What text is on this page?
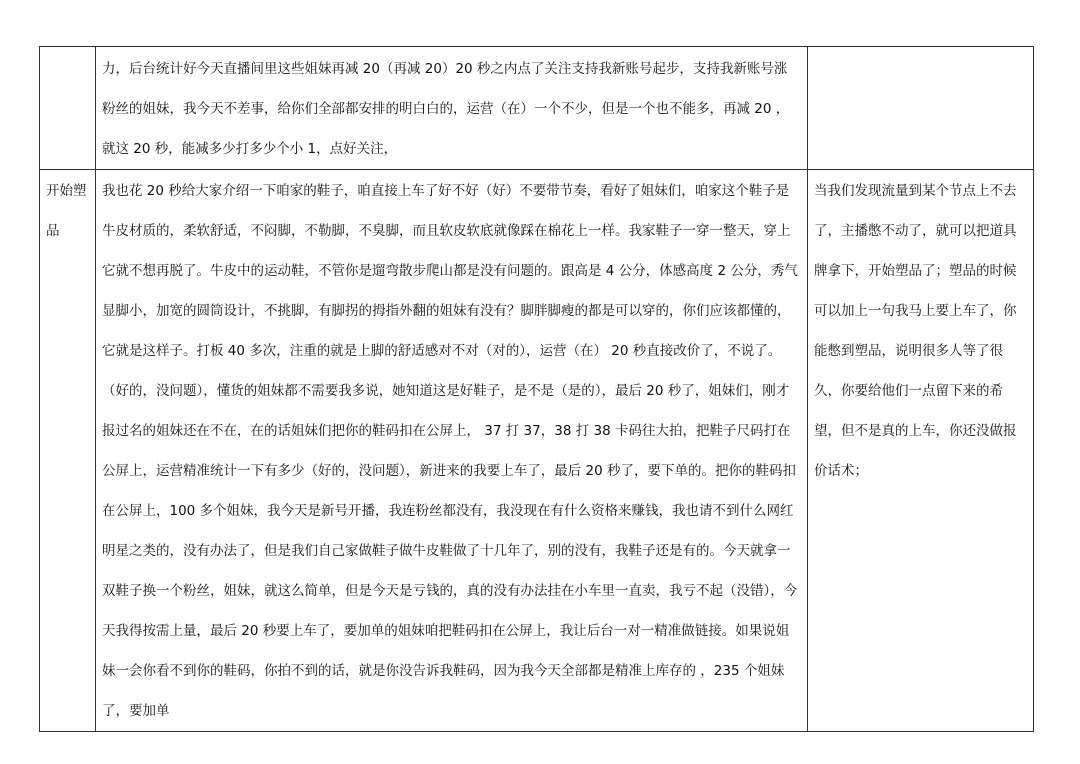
	力，后台统计好今天直播间里这些姐妹再减 20（再减 20）20 秒之内点了关注支持我新账号起步，支持我新账号涨粉丝的姐妹，我今天不差事，给你们全部都安排的明白白的，运营（在）一个不少，但是一个也不能多，再减 20 ，就这 20 秒，能减多少打多少个小 1，点好关注，	

开始塑品	我也花 20 秒给大家介绍一下咱家的鞋子，咱直接上车了好不好（好）不要带节奏，看好了姐妹们，咱家这个鞋子是牛皮材质的，柔软舒适，不闷脚，不勒脚，不臭脚，而且软皮软底就像踩在棉花上一样。我家鞋子一穿一整天，穿上它就不想再脱了。牛皮中的运动鞋，不管你是遛弯散步爬山都是没有问题的。跟高是 4 公分，体感高度 2 公分，秀气显脚小，加宽的圆筒设计，不挑脚，有脚拐的拇指外翻的姐妹有没有？脚胖脚瘦的都是可以穿的，你们应该都懂的，它就是这样子。打板 40 多次，注重的就是上脚的舒适感对不对（对的），运营（在） 20 秒直接改价了，不说了。（好的，没问题），懂货的姐妹都不需要我多说，她知道这是好鞋子，是不是（是的），最后 20 秒了，姐妹们，刚才报过名的姐妹还在不在，在的话姐妹们把你的鞋码扣在公屏上， 37 打 37，38 打 38 卡码往大拍，把鞋子尺码打在公屏上，运营精准统计一下有多少（好的，没问题），新进来的我要上车了，最后 20 秒了，要下单的。把你的鞋码扣在公屏上，100 多个姐妹，我今天是新号开播，我连粉丝都没有，我没现在有什么资格来赚钱，我也请不到什么网红明星之类的，没有办法了，但是我们自己家做鞋子做牛皮鞋做了十几年了，别的没有，我鞋子还是有的。今天就拿一双鞋子换一个粉丝，姐妹，就这么简单，但是今天是亏钱的，真的没有办法挂在小车里一直卖，我亏不起（没错），今天我得按需上量，最后 20 秒要上车了，要加单的姐妹咱把鞋码扣在公屏上，我让后台一对一精准做链接。如果说姐妹一会你看不到你的鞋码，你拍不到的话，就是你没告诉我鞋码，因为我今天全部都是精准上库存的 ，235 个姐妹了，要加单	当我们发现流量到某个节点上不去了，主播憋不动了，就可以把道具牌拿下，开始塑品了；塑品的时候可以加上一句我马上要上车了，你能憋到塑品，说明很多人等了很久，你要给他们一点留下来的希望，但不是真的上车，你还没做报价话术；
